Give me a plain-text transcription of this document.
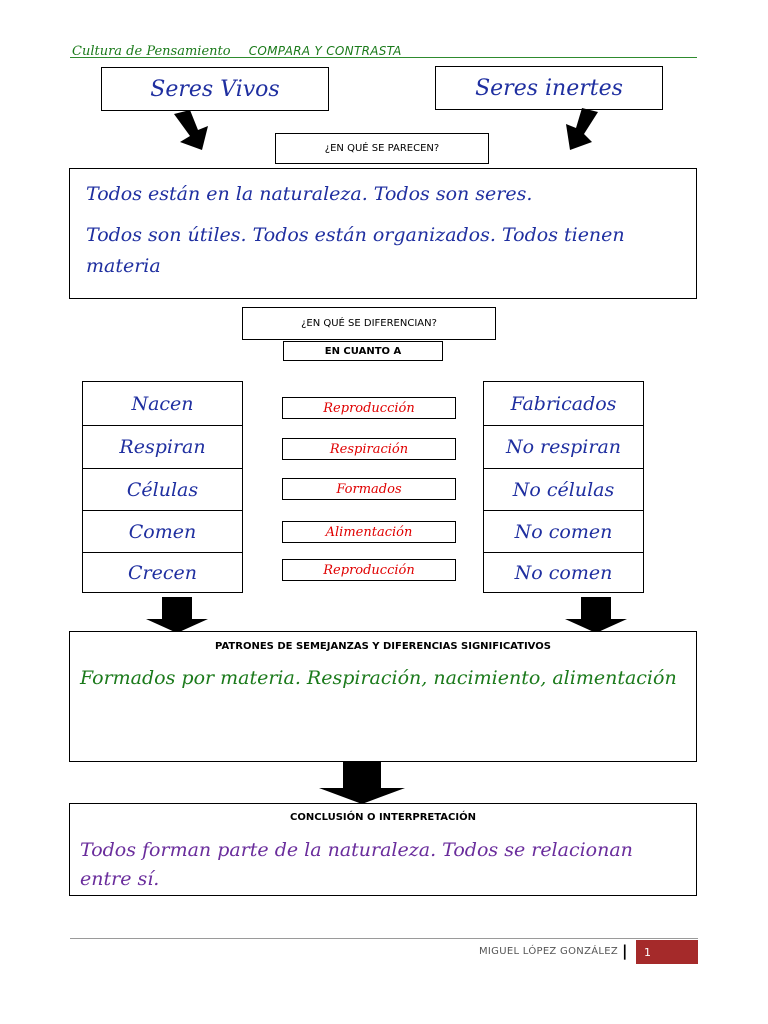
Cultura de Pensamiento COMPARA Y CONTRASTA
Seres Vivos	Seres inertes
¿EN QUÉ SE PARECEN?
Todos están en la naturaleza. Todos son seres.
Todos son útiles. Todos están organizados. Todos tienen materia
¿EN QUÉ SE DIFERENCIAN?
EN CUANTO A
Nacen
Respiran
Células
Comen
Crecen
Reproducción
Respiración
Formados
Alimentación
Reproducción
Fabricados
No respiran
No células
No comen
No comen
PATRONES DE SEMEJANZAS Y DIFERENCIAS SIGNIFICATIVOS
Formados por materia. Respiración, nacimiento, alimentación
CONCLUSIÓN O INTERPRETACIÓN
Todos forman parte de la naturaleza. Todos se relacionan entre sí.
MIGUEL LÓPEZ GONZÁLEZ | 1
